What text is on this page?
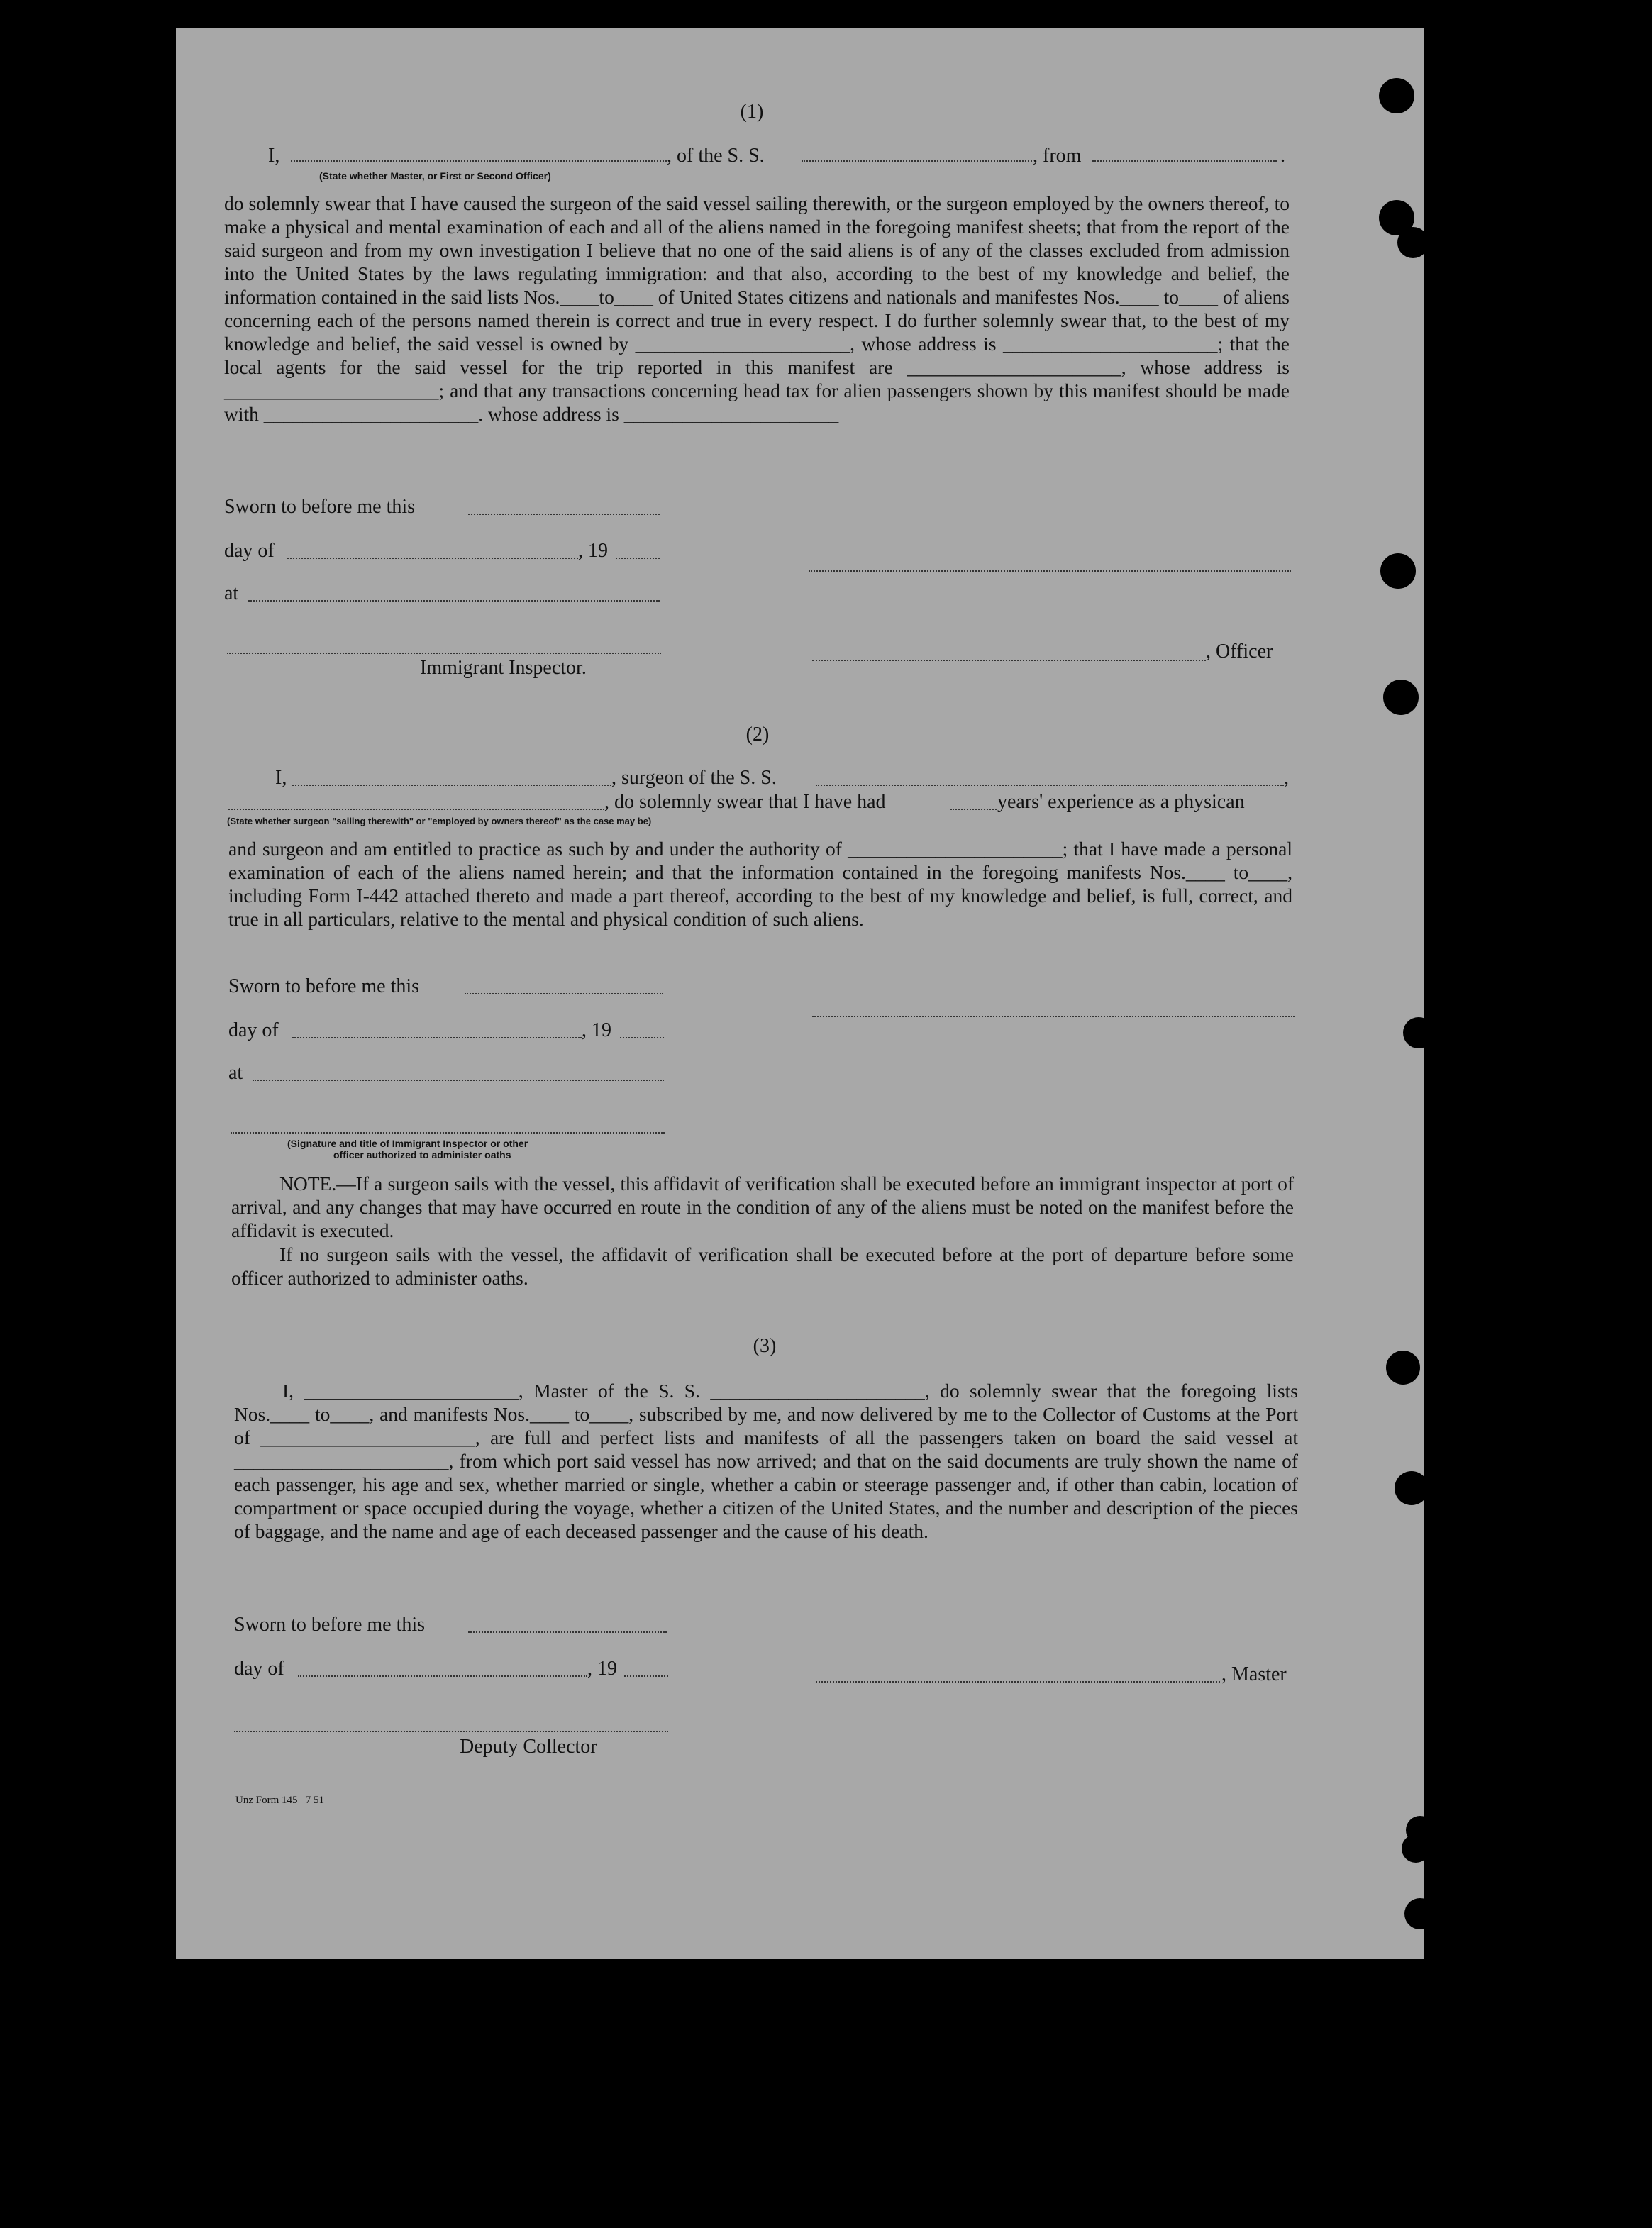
(1)
I,	, of the S. S.	, from	.
(State whether Master, or First or Second Officer)
do solemnly swear that I have caused the surgeon of the said vessel sailing therewith, or the surgeon employed by the owners thereof, to make a physical and mental examination of each and all of the aliens named in the foregoing manifest sheets; that from the report of the said surgeon and from my own investigation I believe that no one of the said aliens is of any of the classes excluded from admission into the United States by the laws regulating immigration: and that also, according to the best of my knowledge and belief, the information contained in the said lists Nos.____to____ of United States citizens and nationals and manifestes Nos.____ to____ of aliens concerning each of the persons named therein is correct and true in every respect. I do further solemnly swear that, to the best of my knowledge and belief, the said vessel is owned by ______________________, whose address is ______________________; that the local agents for the said vessel for the trip reported in this manifest are ______________________, whose address is ______________________; and that any transactions concerning head tax for alien passengers shown by this manifest should be made with ______________________. whose address is ______________________
Sworn to before me this
day of	, 19
at
, Officer
Immigrant Inspector.
(2)
I,	, surgeon of the S. S.	,
, do solemnly swear that I have had	years' experience as a physican
(State whether surgeon "sailing therewith" or "employed by owners thereof" as the case may be)
and surgeon and am entitled to practice as such by and under the authority of ______________________; that I have made a personal examination of each of the aliens named herein; and that the information contained in the foregoing manifests Nos.____ to____, including Form I-442 attached thereto and made a part thereof, according to the best of my knowledge and belief, is full, correct, and true in all particulars, relative to the mental and physical condition of such aliens.
Sworn to before me this
day of	, 19
at
(Signature and title of Immigrant Inspector or other
officer authorized to administer oaths
NOTE.—If a surgeon sails with the vessel, this affidavit of verification shall be executed before an immigrant inspector at port of arrival, and any changes that may have occurred en route in the condition of any of the aliens must be noted on the manifest before the affidavit is executed.
If no surgeon sails with the vessel, the affidavit of verification shall be executed before at the port of departure before some officer authorized to administer oaths.
(3)
I, ______________________, Master of the S. S. ______________________, do solemnly swear that the foregoing lists Nos.____ to____, and manifests Nos.____ to____, subscribed by me, and now delivered by me to the Collector of Customs at the Port of ______________________, are full and perfect lists and manifests of all the passengers taken on board the said vessel at ______________________, from which port said vessel has now arrived; and that on the said documents are truly shown the name of each passenger, his age and sex, whether married or single, whether a cabin or steerage passenger and, if other than cabin, location of compartment or space occupied during the voyage, whether a citizen of the United States, and the number and description of the pieces of baggage, and the name and age of each deceased passenger and the cause of his death.
Sworn to before me this
day of	, 19	, Master
Deputy Collector
Unz Form 145   7 51
